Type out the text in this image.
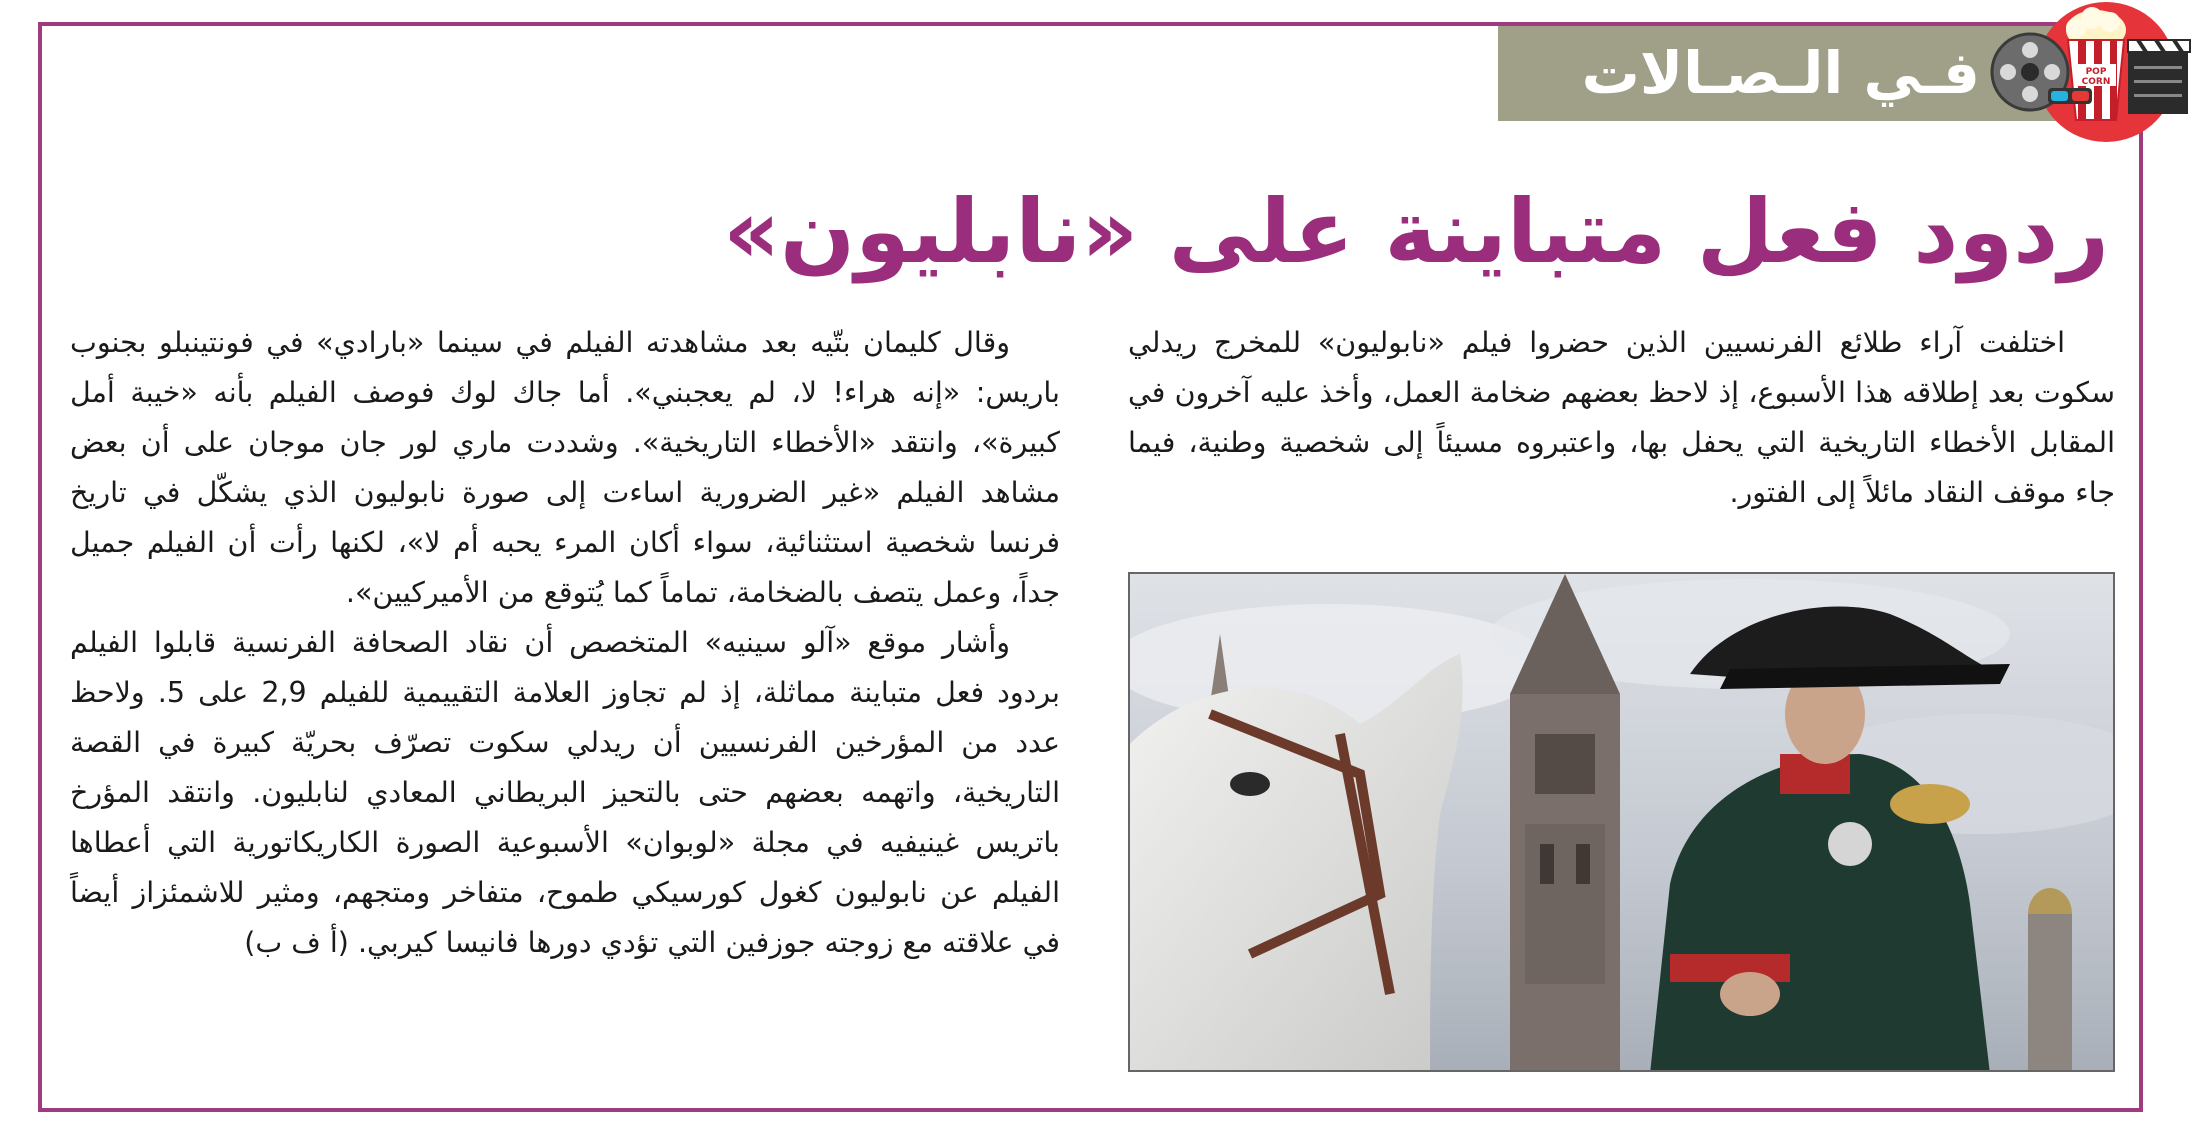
فـي الـصـالات	POP
CORN
ردود فعل متباينة على «نابليون»

اختلفت آراء طلائع الفرنسيين الذين حضروا فيلم «نابوليون» للمخرج ريدلي سكوت بعد إطلاقه هذا الأسبوع، إذ لاحظ بعضهم ضخامة العمل، وأخذ عليه آخرون في المقابل الأخطاء التاريخية التي يحفل بها، واعتبروه مسيئاً إلى شخصية وطنية، فيما جاء موقف النقاد مائلاً إلى الفتور.

وقال كليمان بتّيه بعد مشاهدته الفيلم في سينما «بارادي» في فونتينبلو بجنوب باريس: «إنه هراء! لا، لم يعجبني». أما جاك لوك فوصف الفيلم بأنه «خيبة أمل كبيرة»، وانتقد «الأخطاء التاريخية». وشددت ماري لور جان موجان على أن بعض مشاهد الفيلم «غير الضرورية اساءت إلى صورة نابوليون الذي يشكّل في تاريخ فرنسا شخصية استثنائية، سواء أكان المرء يحبه أم لا»، لكنها رأت أن الفيلم جميل جداً، وعمل يتصف بالضخامة، تماماً كما يُتوقع من الأميركيين».

وأشار موقع «آلو سينيه» المتخصص أن نقاد الصحافة الفرنسية قابلوا الفيلم بردود فعل متباينة مماثلة، إذ لم تجاوز العلامة التقييمية للفيلم 2,9 على 5. ولاحظ عدد من المؤرخين الفرنسيين أن ريدلي سكوت تصرّف بحريّة كبيرة في القصة التاريخية، واتهمه بعضهم حتى بالتحيز البريطاني المعادي لنابليون. وانتقد المؤرخ باتريس غينيفيه في مجلة «لوبوان» الأسبوعية الصورة الكاريكاتورية التي أعطاها الفيلم عن نابوليون كغول كورسيكي طموح، متفاخر ومتجهم، ومثير للاشمئزاز أيضاً في علاقته مع زوجته جوزفين التي تؤدي دورها فانيسا كيربي. (أ ف ب)
